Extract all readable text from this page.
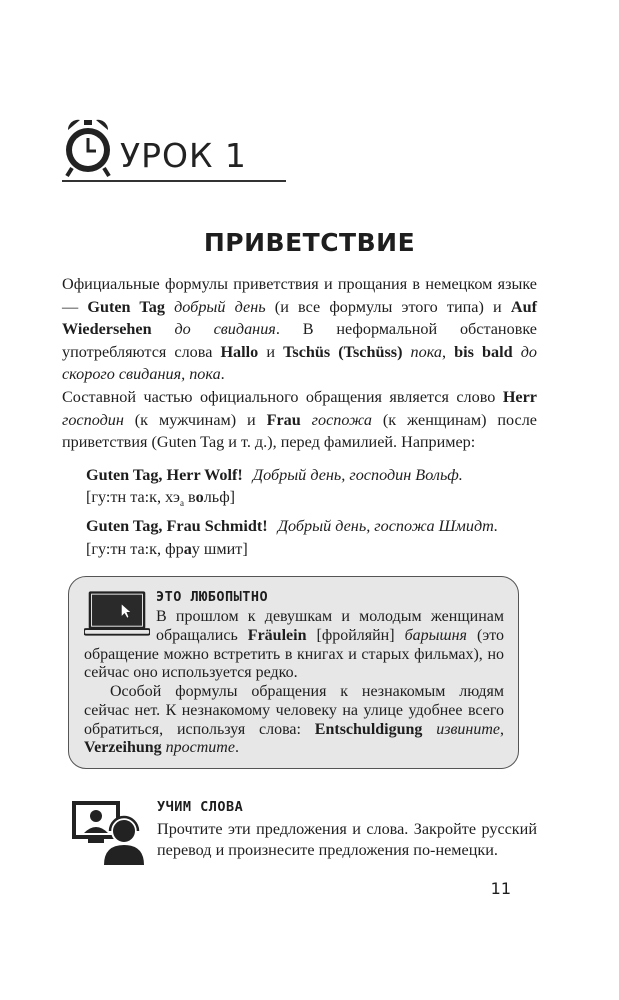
УРОК 1
ПРИВЕТСТВИЕ
Официальные формулы приветствия и прощания в немецком языке — Guten Tag добрый день (и все формулы этого типа) и Auf Wiedersehen до свидания. В неформальной обстановке употребляются слова Hallo и Tschüs (Tschüss) пока, bis bald до скорого свидания, пока.
Составной частью официального обращения является слово Herr господин (к мужчинам) и Frau госпожа (к женщинам) после приветствия (Guten Tag и т. д.), перед фамилией. Например:
Guten Tag, Herr Wolf! Добрый день, господин Вольф.
[гу:тн та:к, $хэ_а$ вольф]
Guten Tag, Frau Schmidt! Добрый день, госпожа Шмидт.
[гу:тн та:к, фрау шмит]
ЭТО ЛЮБОПЫТНО
В прошлом к девушкам и молодым женщинам обращались Fräulein [фройляйн] барышня (это обращение можно встретить в книгах и старых фильмах), но сейчас оно используется редко.
Особой формулы обращения к незнакомым людям сейчас нет. К незнакомому человеку на улице удобнее всего обратиться, используя слова: Entschuldigung извините, Verzeihung простите.
УЧИМ СЛОВА
Прочтите эти предложения и слова. Закройте русский перевод и произнесите предложения по-немецки.
11
